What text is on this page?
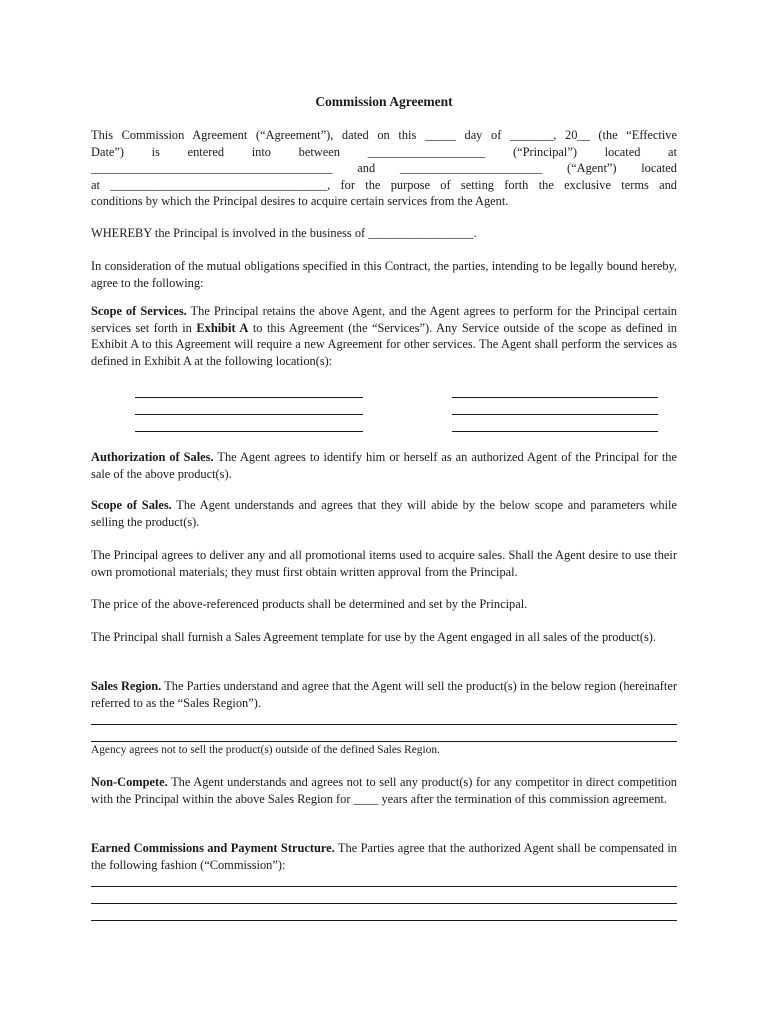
Commission Agreement
This Commission Agreement (“Agreement”), dated on this _____ day of _______, 20__ (the “Effective
Date”) is entered into between ___________________ (“Principal”) located at
_______________________________________ and _______________________ (“Agent”) located
at ___________________________________, for the purpose of setting forth the exclusive terms and
conditions by which the Principal desires to acquire certain services from the Agent.
WHEREBY the Principal is involved in the business of _________________.
In consideration of the mutual obligations specified in this Contract, the parties, intending to be legally bound hereby, agree to the following:
Scope of Services. The Principal retains the above Agent, and the Agent agrees to perform for the Principal certain services set forth in Exhibit A to this Agreement (the “Services”). Any Service outside of the scope as defined in Exhibit A to this Agreement will require a new Agreement for other services. The Agent shall perform the services as defined in Exhibit A at the following location(s):
Authorization of Sales. The Agent agrees to identify him or herself as an authorized Agent of the Principal for the sale of the above product(s).
Scope of Sales. The Agent understands and agrees that they will abide by the below scope and parameters while selling the product(s).
The Principal agrees to deliver any and all promotional items used to acquire sales. Shall the Agent desire to use their own promotional materials; they must first obtain written approval from the Principal.
The price of the above-referenced products shall be determined and set by the Principal.
The Principal shall furnish a Sales Agreement template for use by the Agent engaged in all sales of the product(s).
Sales Region. The Parties understand and agree that the Agent will sell the product(s) in the below region (hereinafter referred to as the “Sales Region”).
Agency agrees not to sell the product(s) outside of the defined Sales Region.
Non-Compete. The Agent understands and agrees not to sell any product(s) for any competitor in direct competition with the Principal within the above Sales Region for ____ years after the termination of this commission agreement.
Earned Commissions and Payment Structure. The Parties agree that the authorized Agent shall be compensated in the following fashion (“Commission”):
